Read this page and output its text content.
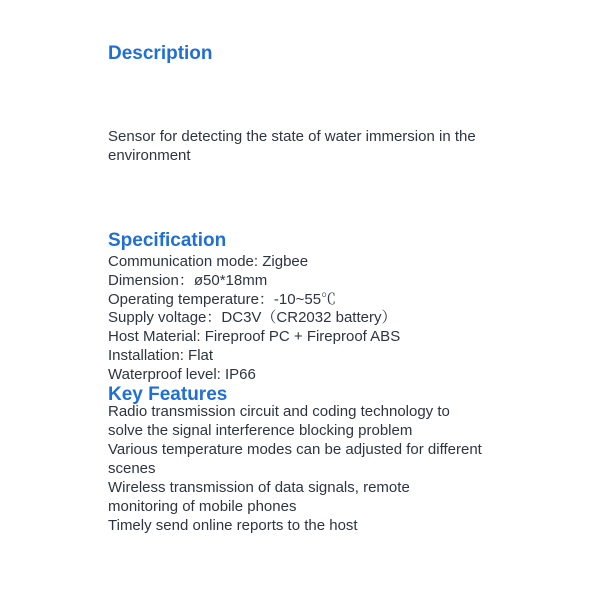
Description

Sensor for detecting the state of water immersion in the environment

Specification
Communication mode: Zigbee
Dimension：ø50*18mm
Operating temperature：-10~55℃
Supply voltage：DC3V（CR2032 battery）
Host Material: Fireproof PC + Fireproof ABS
Installation: Flat
Waterproof level: IP66
Key Features
Radio transmission circuit and coding technology to solve the signal interference blocking problem
Various temperature modes can be adjusted for different scenes
Wireless transmission of data signals, remote monitoring of mobile phones
Timely send online reports to the host
